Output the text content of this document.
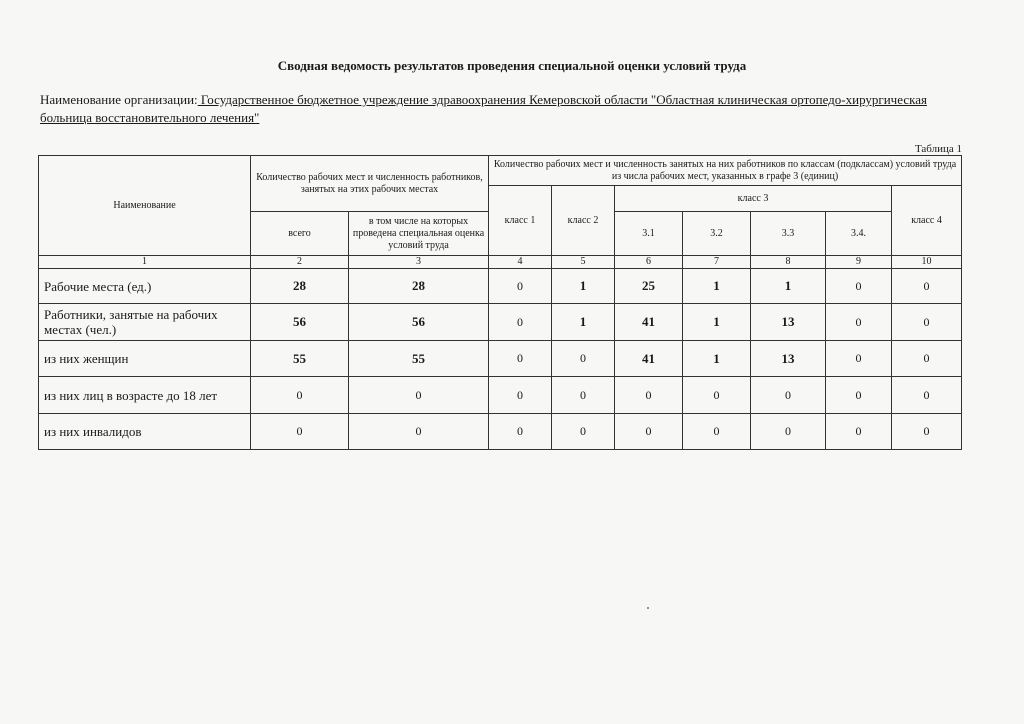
Сводная ведомость результатов проведения специальной оценки условий труда
Наименование организации: Государственное бюджетное учреждение здравоохранения Кемеровской области "Областная клиническая ортопедо-хирургическая больница восстановительного лечения"
Таблица 1
Наименование	Количество рабочих мест и численность работников, занятых на этих рабочих местах		Количество рабочих мест и численность занятых на них работников по классам (подклассам) условий труда из числа рабочих мест, указанных в графе 3 (единиц)						
			класс 1	класс 2	класс 3				класс 4
	всего	в том числе на которых проведена специальная оценка условий труда			3.1	3.2	3.3	3.4.	
1	2	3	4	5	6	7	8	9	10
Рабочие места (ед.)	28	28	0	1	25	1	1	0	0
Работники, занятые на рабочих местах (чел.)	56	56	0	1	41	1	13	0	0
из них женщин	55	55	0	0	41	1	13	0	0
из них лиц в возрасте до 18 лет	0	0	0	0	0	0	0	0	0
из них инвалидов	0	0	0	0	0	0	0	0	0
